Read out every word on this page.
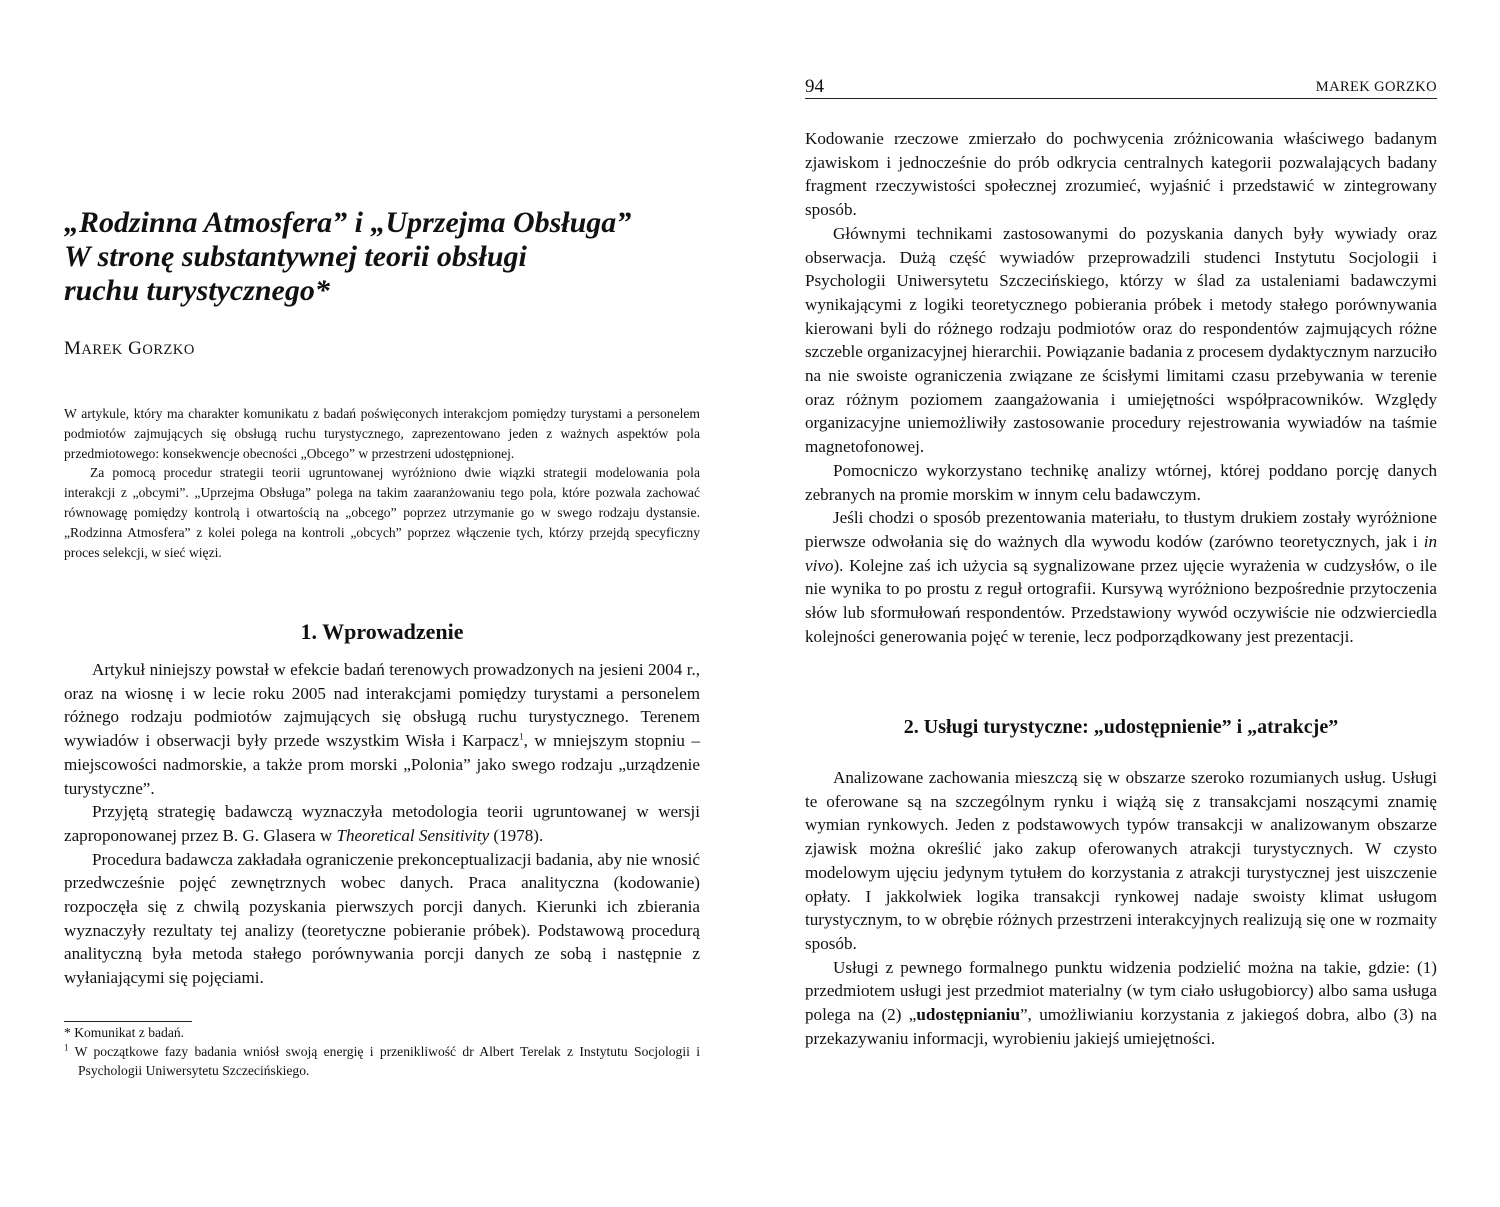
„Rodzinna Atmosfera” i „Uprzejma Obsługa”
W stronę substantywnej teorii obsługi
ruchu turystycznego*

MAREK GORZKO

W artykule, który ma charakter komunikatu z badań poświęconych interakcjom pomiędzy turystami a personelem podmiotów zajmujących się obsługą ruchu turystycznego, zaprezentowano jeden z ważnych aspektów pola przedmiotowego: konsekwencje obecności „Obcego” w przestrzeni udostępnionej.

Za pomocą procedur strategii teorii ugruntowanej wyróżniono dwie wiązki strategii modelowania pola interakcji z „obcymi”. „Uprzejma Obsługa” polega na takim zaaranżowaniu tego pola, które pozwala zachować równowagę pomiędzy kontrolą i otwartością na „obcego” poprzez utrzymanie go w swego rodzaju dystansie. „Rodzinna Atmosfera” z kolei polega na kontroli „obcych” poprzez włączenie tych, którzy przejdą specyficzny proces selekcji, w sieć więzi.

1. Wprowadzenie

Artykuł niniejszy powstał w efekcie badań terenowych prowadzonych na jesieni 2004 r., oraz na wiosnę i w lecie roku 2005 nad interakcjami pomiędzy turystami a personelem różnego rodzaju podmiotów zajmujących się obsługą ruchu turystycznego. Terenem wywiadów i obserwacji były przede wszystkim Wisła i Karpacz$^1$, w mniejszym stopniu – miejscowości nadmorskie, a także prom morski „Polonia” jako swego rodzaju „urządzenie turystyczne”.

Przyjętą strategię badawczą wyznaczyła metodologia teorii ugruntowanej w wersji zaproponowanej przez B. G. Glasera w Theoretical Sensitivity (1978).

Procedura badawcza zakładała ograniczenie prekonceptualizacji badania, aby nie wnosić przedwcześnie pojęć zewnętrznych wobec danych. Praca analityczna (kodowanie) rozpoczęła się z chwilą pozyskania pierwszych porcji danych. Kierunki ich zbierania wyznaczyły rezultaty tej analizy (teoretyczne pobieranie próbek). Podstawową procedurą analityczną była metoda stałego porównywania porcji danych ze sobą i następnie z wyłaniającymi się pojęciami.

* Komunikat z badań.

$^1$ W początkowe fazy badania wniósł swoją energię i przenikliwość dr Albert Terelak z Instytutu Socjologii i Psychologii Uniwersytetu Szczecińskiego.

94	MAREK GORZKO

Kodowanie rzeczowe zmierzało do pochwycenia zróżnicowania właściwego badanym zjawiskom i jednocześnie do prób odkrycia centralnych kategorii pozwalających badany fragment rzeczywistości społecznej zrozumieć, wyjaśnić i przedstawić w zintegrowany sposób.

Głównymi technikami zastosowanymi do pozyskania danych były wywiady oraz obserwacja. Dużą część wywiadów przeprowadzili studenci Instytutu Socjologii i Psychologii Uniwersytetu Szczecińskiego, którzy w ślad za ustaleniami badawczymi wynikającymi z logiki teoretycznego pobierania próbek i metody stałego porównywania kierowani byli do różnego rodzaju podmiotów oraz do respondentów zajmujących różne szczeble organizacyjnej hierarchii. Powiązanie badania z procesem dydaktycznym narzuciło na nie swoiste ograniczenia związane ze ścisłymi limitami czasu przebywania w terenie oraz różnym poziomem zaangażowania i umiejętności współpracowników. Względy organizacyjne uniemożliwiły zastosowanie procedury rejestrowania wywiadów na taśmie magnetofonowej.

Pomocniczo wykorzystano technikę analizy wtórnej, której poddano porcję danych zebranych na promie morskim w innym celu badawczym.

Jeśli chodzi o sposób prezentowania materiału, to tłustym drukiem zostały wyróżnione pierwsze odwołania się do ważnych dla wywodu kodów (zarówno teoretycznych, jak i in vivo). Kolejne zaś ich użycia są sygnalizowane przez ujęcie wyrażenia w cudzysłów, o ile nie wynika to po prostu z reguł ortografii. Kursywą wyróżniono bezpośrednie przytoczenia słów lub sformułowań respondentów. Przedstawiony wywód oczywiście nie odzwierciedla kolejności generowania pojęć w terenie, lecz podporządkowany jest prezentacji.

2. Usługi turystyczne: „udostępnienie” i „atrakcje”

Analizowane zachowania mieszczą się w obszarze szeroko rozumianych usług. Usługi te oferowane są na szczególnym rynku i wiążą się z transakcjami noszącymi znamię wymian rynkowych. Jeden z podstawowych typów transakcji w analizowanym obszarze zjawisk można określić jako zakup oferowanych atrakcji turystycznych. W czysto modelowym ujęciu jedynym tytułem do korzystania z atrakcji turystycznej jest uiszczenie opłaty. I jakkolwiek logika transakcji rynkowej nadaje swoisty klimat usługom turystycznym, to w obrębie różnych przestrzeni interakcyjnych realizują się one w rozmaity sposób.

Usługi z pewnego formalnego punktu widzenia podzielić można na takie, gdzie: (1) przedmiotem usługi jest przedmiot materialny (w tym ciało usługobiorcy) albo sama usługa polega na (2) „udostępnianiu”, umożliwianiu korzystania z jakiegoś dobra, albo (3) na przekazywaniu informacji, wyrobieniu jakiejś umiejętności.
